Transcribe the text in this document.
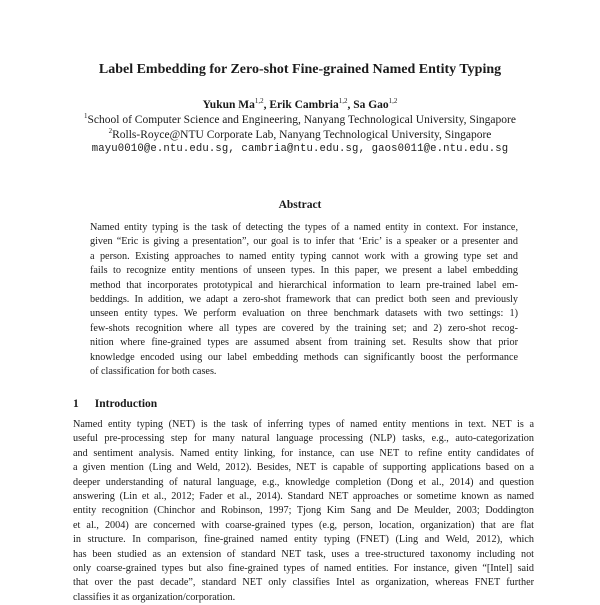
Label Embedding for Zero-shot Fine-grained Named Entity Typing
Yukun Ma$^{1,2}$, Erik Cambria$^{1,2}$, Sa Gao$^{1,2}$
$^1$School of Computer Science and Engineering, Nanyang Technological University, Singapore
$^2$Rolls-Royce@NTU Corporate Lab, Nanyang Technological University, Singapore
mayu0010@e.ntu.edu.sg, cambria@ntu.edu.sg, gaos0011@e.ntu.edu.sg
Abstract
Named entity typing is the task of detecting the types of a named entity in context. For instance,
given “Eric is giving a presentation”, our goal is to infer that ‘Eric’ is a speaker or a presenter and
a person. Existing approaches to named entity typing cannot work with a growing type set and
fails to recognize entity mentions of unseen types. In this paper, we present a label embedding
method that incorporates prototypical and hierarchical information to learn pre-trained label em-
beddings. In addition, we adapt a zero-shot framework that can predict both seen and previously
unseen entity types. We perform evaluation on three benchmark datasets with two settings: 1)
few-shots recognition where all types are covered by the training set; and 2) zero-shot recog-
nition where fine-grained types are assumed absent from training set. Results show that prior
knowledge encoded using our label embedding methods can significantly boost the performance
of classification for both cases.
1 Introduction
Named entity typing (NET) is the task of inferring types of named entity mentions in text. NET is a
useful pre-processing step for many natural language processing (NLP) tasks, e.g., auto-categorization
and sentiment analysis. Named entity linking, for instance, can use NET to refine entity candidates of
a given mention (Ling and Weld, 2012). Besides, NET is capable of supporting applications based on a
deeper understanding of natural language, e.g., knowledge completion (Dong et al., 2014) and question
answering (Lin et al., 2012; Fader et al., 2014). Standard NET approaches or sometime known as named
entity recognition (Chinchor and Robinson, 1997; Tjong Kim Sang and De Meulder, 2003; Doddington
et al., 2004) are concerned with coarse-grained types (e.g, person, location, organization) that are flat
in structure. In comparison, fine-grained named entity typing (FNET) (Ling and Weld, 2012), which
has been studied as an extension of standard NET task, uses a tree-structured taxonomy including not
only coarse-grained types but also fine-grained types of named entities. For instance, given “[Intel] said
that over the past decade”, standard NET only classifies Intel as organization, whereas FNET further
classifies it as organization/corporation.
